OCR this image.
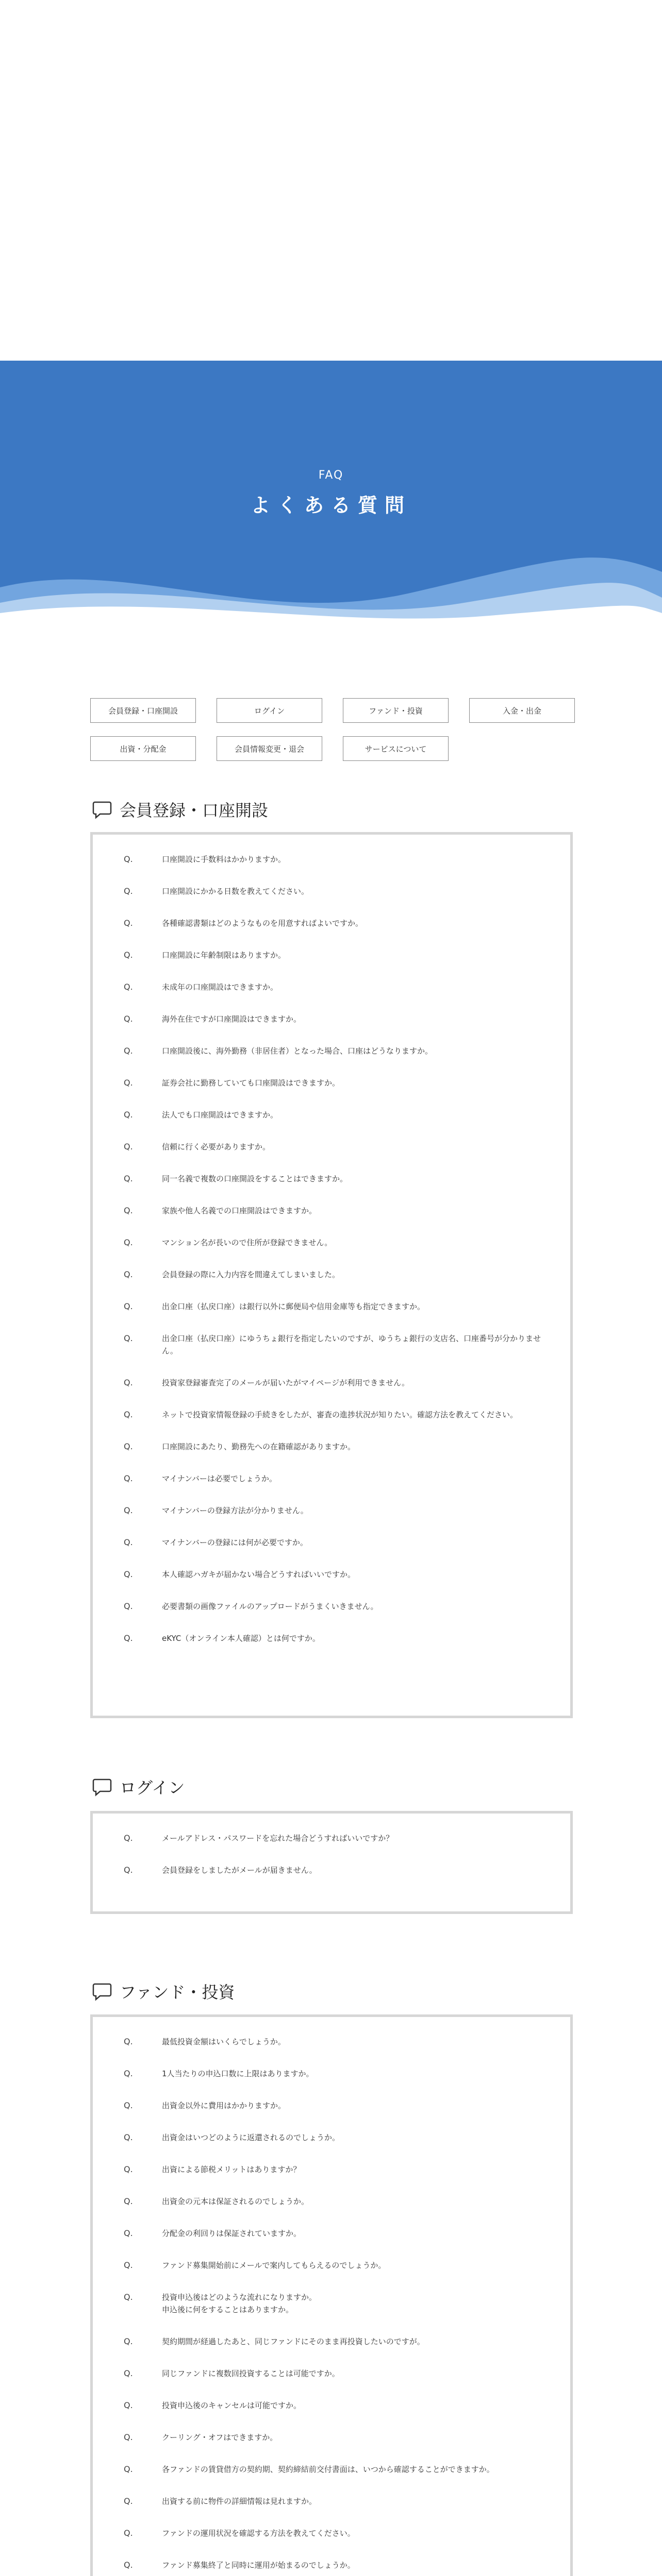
FAQ
よくある質問
会員登録・口座開設	ログイン	ファンド・投資	入金・出金
出資・分配金	会員情報変更・退会	サービスについて
会員登録・口座開設
Q.	口座開設に手数料はかかりますか。
Q.	口座開設にかかる日数を教えてください。
Q.	各種確認書類はどのようなものを用意すればよいですか。
Q.	口座開設に年齢制限はありますか。
Q.	未成年の口座開設はできますか。
Q.	海外在住ですが口座開設はできますか。
Q.	口座開設後に、海外勤務（非居住者）となった場合、口座はどうなりますか。
Q.	証券会社に勤務していても口座開設はできますか。
Q.	法人でも口座開設はできますか。
Q.	信頼に行く必要がありますか。
Q.	同一名義で複数の口座開設をすることはできますか。
Q.	家族や他人名義での口座開設はできますか。
Q.	マンション名が長いので住所が登録できません。
Q.	会員登録の際に入力内容を間違えてしまいました。
Q.	出金口座（払戻口座）は銀行以外に郵便局や信用金庫等も指定できますか。
Q.	出金口座（払戻口座）にゆうちょ銀行を指定したいのですが、ゆうちょ銀行の支店名、口座番号が分かりません。
Q.	投資家登録審査完了のメールが届いたがマイページが利用できません。
Q.	ネットで投資家情報登録の手続きをしたが、審査の進捗状況が知りたい。確認方法を教えてください。
Q.	口座開設にあたり、勤務先への在籍確認がありますか。
Q.	マイナンバーは必要でしょうか。
Q.	マイナンバーの登録方法が分かりません。
Q.	マイナンバーの登録には何が必要ですか。
Q.	本人確認ハガキが届かない場合どうすればいいですか。
Q.	必要書類の画像ファイルのアップロードがうまくいきません。
Q.	eKYC（オンライン本人確認）とは何ですか。
ログイン
Q.	メールアドレス・パスワードを忘れた場合どうすればいいですか？
Q.	会員登録をしましたがメールが届きません。
ファンド・投資
Q.	最低投資金額はいくらでしょうか。
Q.	1人当たりの申込口数に上限はありますか。
Q.	出資金以外に費用はかかりますか。
Q.	出資金はいつどのように返還されるのでしょうか。
Q.	出資による節税メリットはありますか？
Q.	出資金の元本は保証されるのでしょうか。
Q.	分配金の利回りは保証されていますか。
Q.	ファンド募集開始前にメールで案内してもらえるのでしょうか。
Q.	投資申込後はどのような流れになりますか。
申込後に何をすることはありますか。
Q.	契約期間が経過したあと、同じファンドにそのまま再投資したいのですが。
Q.	同じファンドに複数回投資することは可能ですか。
Q.	投資申込後のキャンセルは可能ですか。
Q.	クーリング・オフはできますか。
Q.	各ファンドの賃貸借方の契約期、契約締結前交付書面は、いつから確認することができますか。
Q.	出資する前に物件の詳細情報は見れますか。
Q.	ファンドの運用状況を確認する方法を教えてください。
Q.	ファンド募集終了と同時に運用が始まるのでしょうか。
